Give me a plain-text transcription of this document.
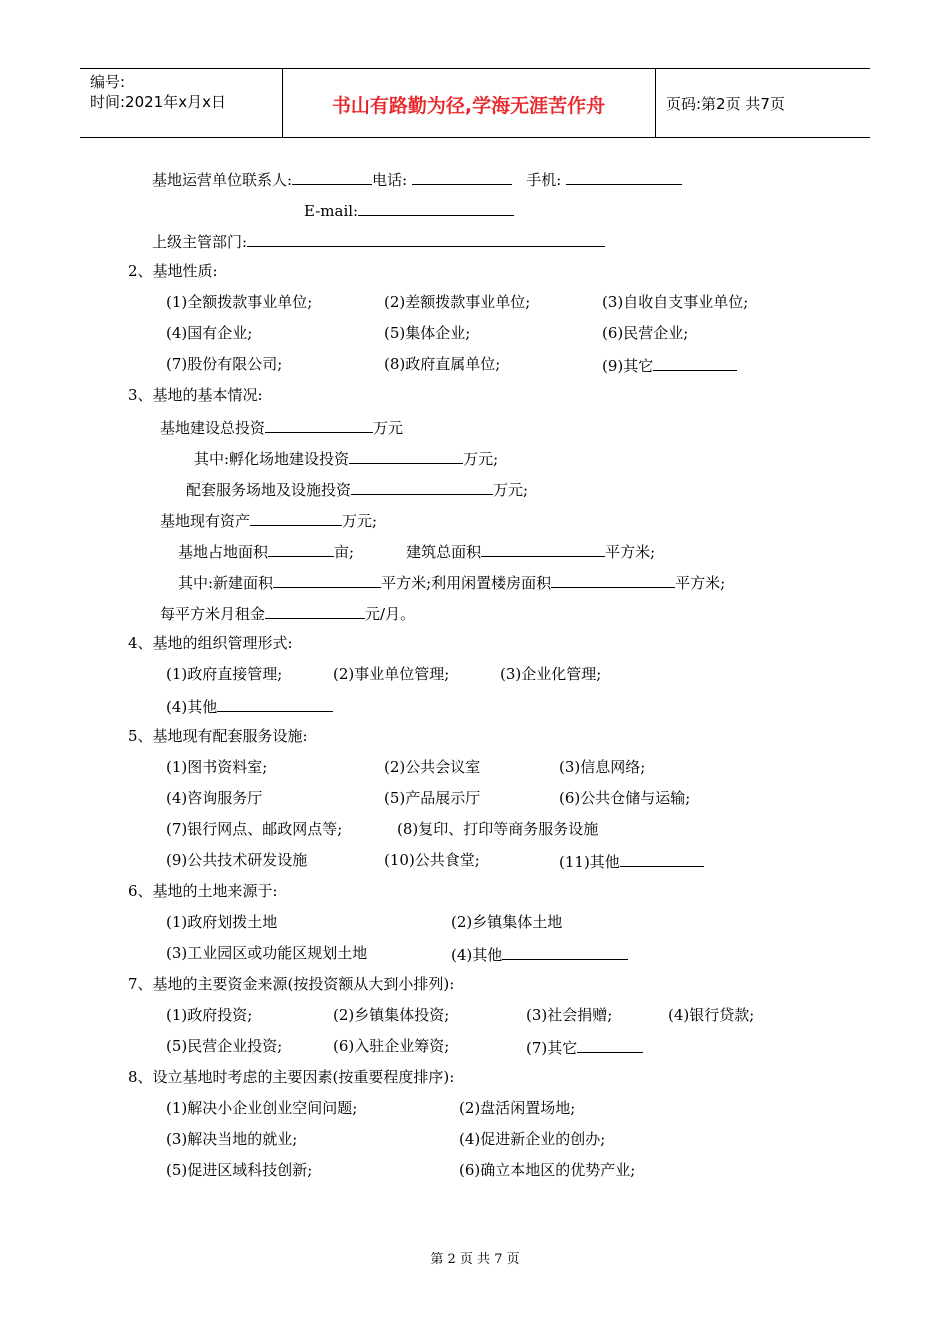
编号:
时间:2021年x月x日	书山有路勤为径,学海无涯苦作舟	页码:第2页 共7页
基地运营单位联系人:	电话:	手机:
E-mail:
上级主管部门:
2、基地性质:
(1)全额拨款事业单位;	(2)差额拨款事业单位;	(3)自收自支事业单位;
(4)国有企业;	(5)集体企业;	(6)民营企业;
(7)股份有限公司;	(8)政府直属单位;	(9)其它
3、基地的基本情况:
基地建设总投资	万元
其中:孵化场地建设投资	万元;
配套服务场地及设施投资	万元;
基地现有资产	万元;
基地占地面积	亩;	建筑总面积	平方米;
其中:新建面积	平方米;利用闲置楼房面积	平方米;
每平方米月租金	元/月。
4、基地的组织管理形式:
(1)政府直接管理;	(2)事业单位管理;	(3)企业化管理;
(4)其他
5、基地现有配套服务设施:
(1)图书资料室;	(2)公共会议室	(3)信息网络;
(4)咨询服务厅	(5)产品展示厅	(6)公共仓储与运输;
(7)银行网点、邮政网点等;	(8)复印、打印等商务服务设施
(9)公共技术研发设施	(10)公共食堂;	(11)其他
6、基地的土地来源于:
(1)政府划拨土地	(2)乡镇集体土地
(3)工业园区或功能区规划土地	(4)其他
7、基地的主要资金来源(按投资额从大到小排列):
(1)政府投资;	(2)乡镇集体投资;	(3)社会捐赠;	(4)银行贷款;
(5)民营企业投资;	(6)入驻企业筹资;	(7)其它
8、设立基地时考虑的主要因素(按重要程度排序):
(1)解决小企业创业空间问题;	(2)盘活闲置场地;
(3)解决当地的就业;	(4)促进新企业的创办;
(5)促进区域科技创新;	(6)确立本地区的优势产业;
第 2 页 共 7 页
